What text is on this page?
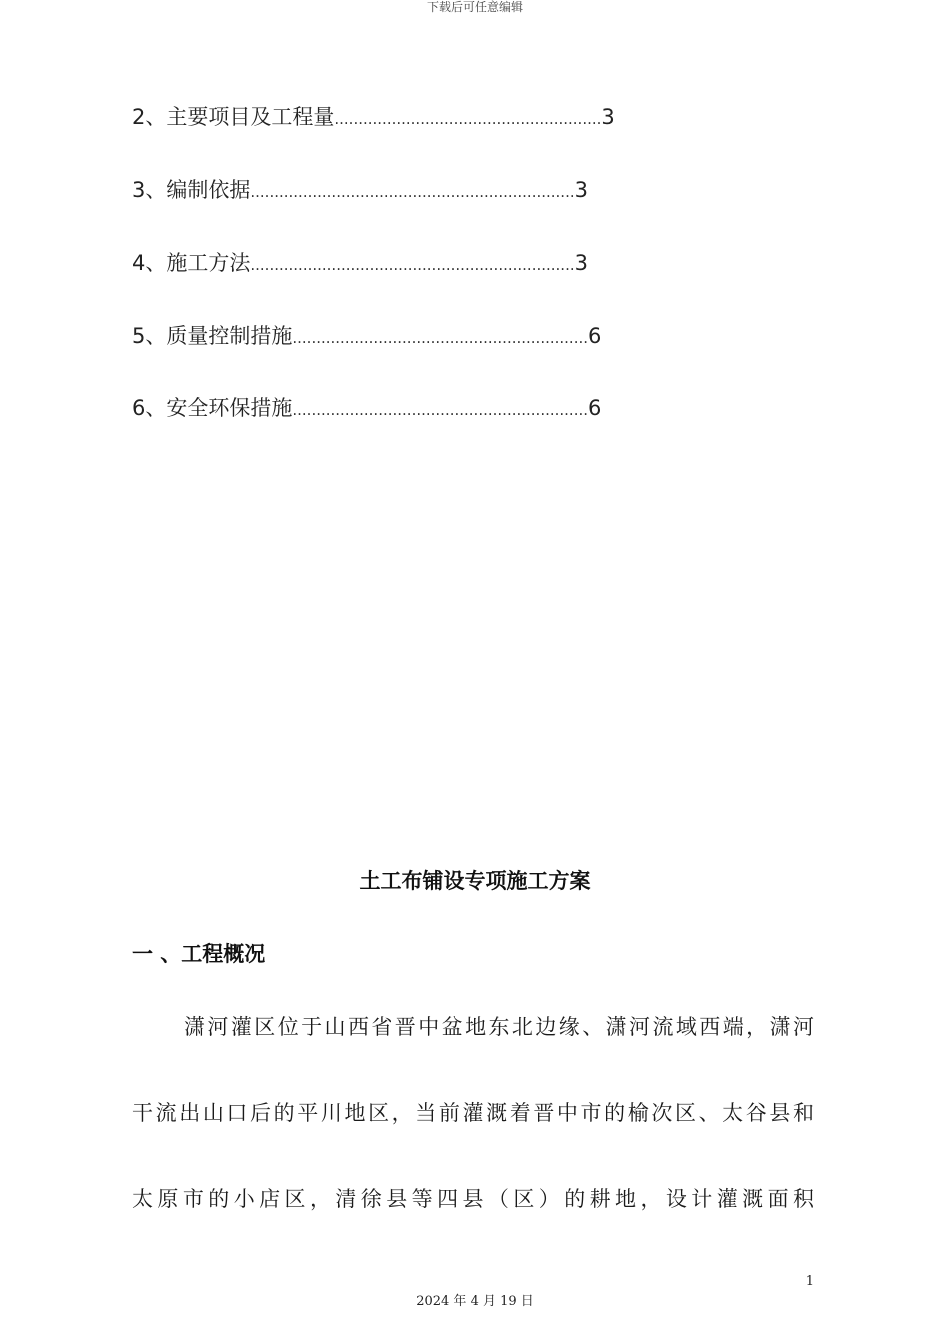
下载后可任意编辑
2、 主要项目及工程量 ........................................................ 3
3、 编制依据 .................................................................... 3
4、 施工方法 .................................................................... 3
5、 质量控制措施 .............................................................. 6
6、 安全环保措施 .............................................................. 6
土工布铺设专项施工方案
一 、工程概况
潇河灌区位于山西省晋中盆地东北边缘、潇河流域西端，潇河
干流出山口后的平川地区，当前灌溉着晋中市的榆次区、太谷县和
太原市的小店区，清徐县等四县（区）的耕地，设计灌溉面积
1
2024 年 4 月 19 日
